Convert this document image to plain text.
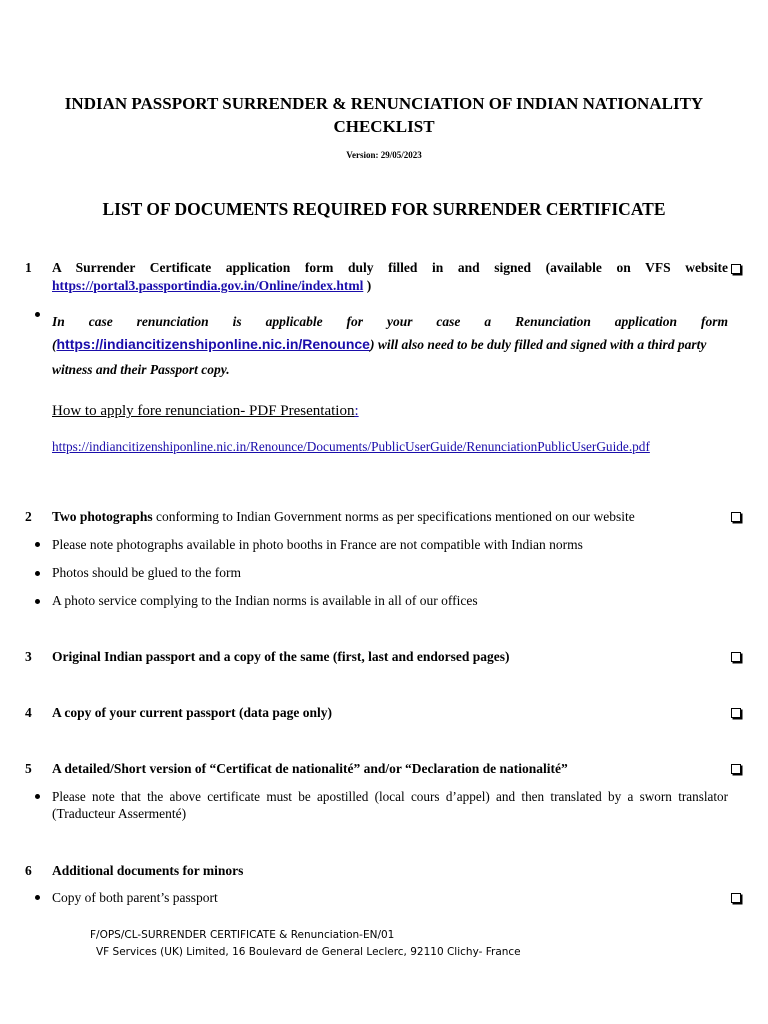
INDIAN PASSPORT SURRENDER & RENUNCIATION OF INDIAN NATIONALITY CHECKLIST
Version: 29/05/2023
LIST OF DOCUMENTS REQUIRED FOR SURRENDER CERTIFICATE
1 A Surrender Certificate application form duly filled in and signed (available on VFS website
https://portal3.passportindia.gov.in/Online/index.html )
In case renunciation is applicable for your case a Renunciation application form
(https://indiancitizenshiponline.nic.in/Renounce) will also need to be duly filled and signed with a third party
witness and their Passport copy.
How to apply fore renunciation- PDF Presentation:
https://indiancitizenshiponline.nic.in/Renounce/Documents/PublicUserGuide/RenunciationPublicUserGuide.pdf
2 Two photographs conforming to Indian Government norms as per specifications mentioned on our website
Please note photographs available in photo booths in France are not compatible with Indian norms
Photos should be glued to the form
A photo service complying to the Indian norms is available in all of our offices
3 Original Indian passport and a copy of the same (first, last and endorsed pages)
4 A copy of your current passport (data page only)
5 A detailed/Short version of “Certificat de nationalité” and/or “Declaration de nationalité”
Please note that the above certificate must be apostilled (local cours d’appel) and then translated by a sworn translator
(Traducteur Assermenté)
6 Additional documents for minors
Copy of both parent’s passport
F/OPS/CL-SURRENDER CERTIFICATE & Renunciation-EN/01
VF Services (UK) Limited, 16 Boulevard de General Leclerc, 92110 Clichy- France
